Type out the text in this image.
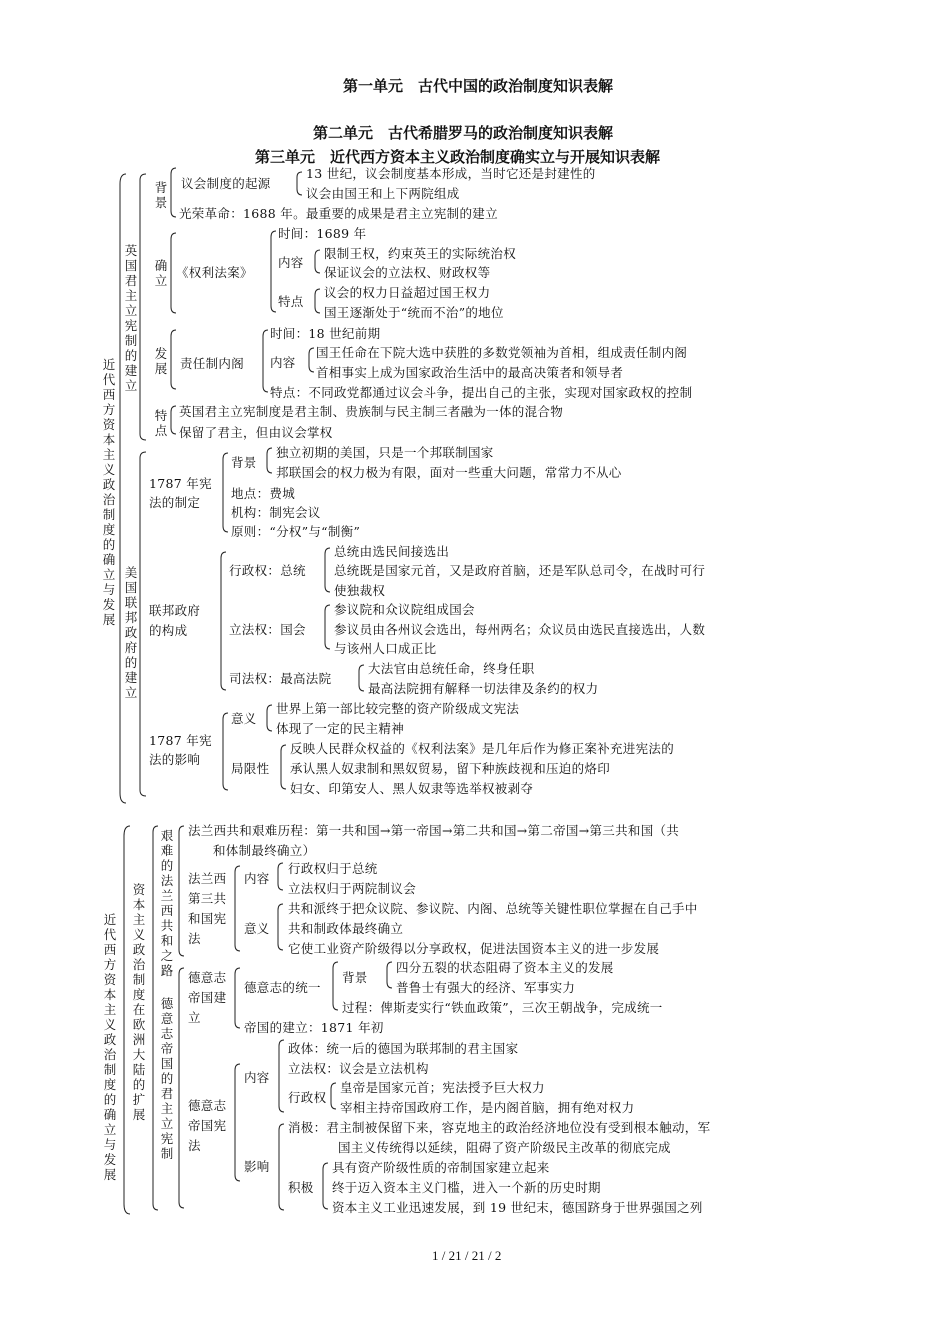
第一单元　古代中国的政治制度知识表解
第二单元　古代希腊罗马的政治制度知识表解
第三单元　近代西方资本主义政治制度确实立与开展知识表解
近代西方资本主义政治制度的确立与发展
英国君主立宪制的建立
背景
议会制度的起源
13 世纪，议会制度基本形成，当时它还是封建性的
议会由国王和上下两院组成
光荣革命：1688 年。最重要的成果是君主立宪制的建立
确立
《权利法案》
时间：1689 年
内容
限制王权，约束英王的实际统治权
保证议会的立法权、财政权等
特点
议会的权力日益超过国王权力
国王逐渐处于“统而不治”的地位
发展 责任制内阁
时间：18 世纪前期
内容
国王任命在下院大选中获胜的多数党领袖为首相，组成责任制内阁
首相事实上成为国家政治生活中的最高决策者和领导者
特点：不同政党都通过议会斗争，提出自己的主张，实现对国家政权的控制
特点
英国君主立宪制度是君主制、贵族制与民主制三者融为一体的混合物
保留了君主，但由议会掌权
美国联邦政府的建立
1787 年宪
法的制定
背景
独立初期的美国，只是一个邦联制国家
邦联国会的权力极为有限，面对一些重大问题，常常力不从心
地点：费城
机构：制宪会议
原则：“分权”与“制衡”
联邦政府
的构成
行政权：总统
总统由选民间接选出
总统既是国家元首，又是政府首脑，还是军队总司令，在战时可行
使独裁权
立法权：国会
参议院和众议院组成国会
参议员由各州议会选出，每州两名；众议员由选民直接选出，人数
与该州人口成正比
司法权：最高法院
大法官由总统任命，终身任职
最高法院拥有解释一切法律及条约的权力
1787 年宪
法的影响
意义
世界上第一部比较完整的资产阶级成文宪法
体现了一定的民主精神
局限性
反映人民群众权益的《权利法案》是几年后作为修正案补充进宪法的
承认黑人奴隶制和黑奴贸易，留下种族歧视和压迫的烙印
妇女、印第安人、黑人奴隶等选举权被剥夺
近代西方资本主义政治制度的确立与发展
资本主义政治制度在欧洲大陆的扩展
艰难的法兰西共和之路
法兰西共和艰难历程：第一共和国→第一帝国→第二共和国→第二帝国→第三共和国（共
和体制最终确立）
法兰西
第三共
和国宪
法
内容
行政权归于总统
立法权归于两院制议会
意义
共和派终于把众议院、参议院、内阁、总统等关键性职位掌握在自己手中
共和制政体最终确立
它使工业资产阶级得以分享政权，促进法国资本主义的进一步发展
德意志帝国的君主立宪制
德意志
帝国建
立
德意志的统一
背景
四分五裂的状态阻碍了资本主义的发展
普鲁士有强大的经济、军事实力
过程：俾斯麦实行“铁血政策”，三次王朝战争，完成统一
帝国的建立：1871 年初
德意志
帝国宪
法
内容
政体：统一后的德国为联邦制的君主国家
立法权：议会是立法机构
行政权
皇帝是国家元首；宪法授予巨大权力
宰相主持帝国政府工作，是内阁首脑，拥有绝对权力
影响
消极：君主制被保留下来，容克地主的政治经济地位没有受到根本触动，军
国主义传统得以延续，阻碍了资产阶级民主改革的彻底完成
积极
具有资产阶级性质的帝制国家建立起来
终于迈入资本主义门槛，进入一个新的历史时期
资本主义工业迅速发展，到 19 世纪末，德国跻身于世界强国之列
1 / 21 / 21 / 2
